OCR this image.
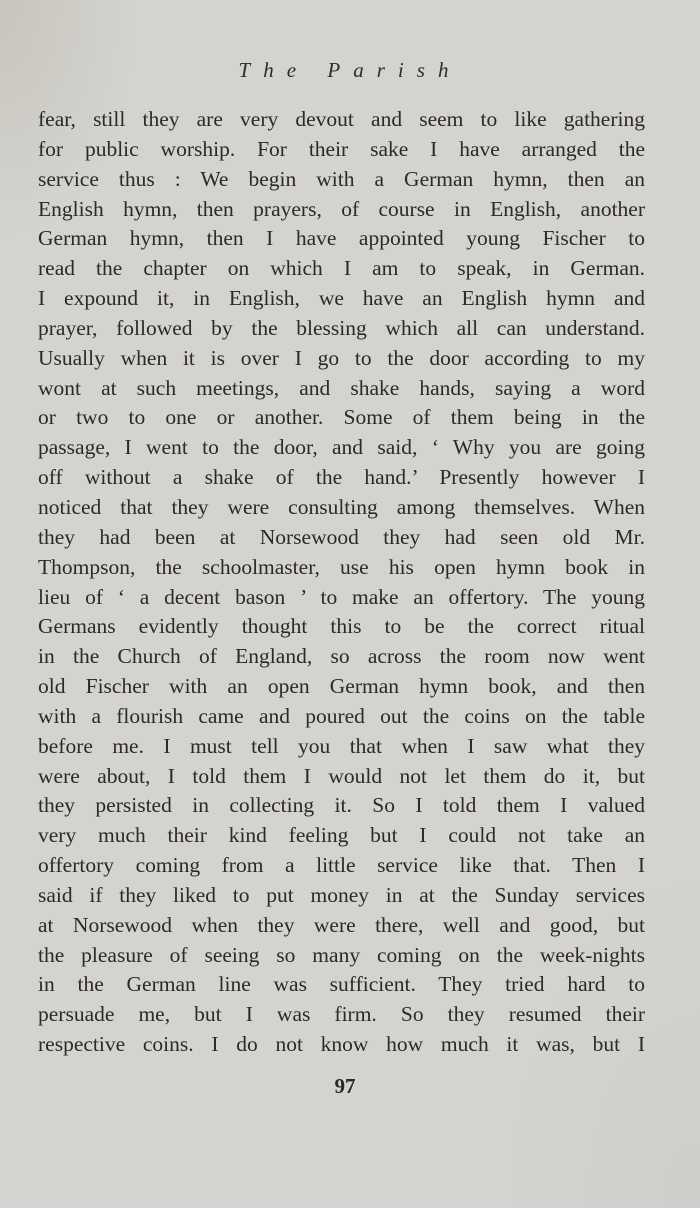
The Parish
fear, still they are very devout and seem to like gathering
for public worship. For their sake I have arranged the
service thus : We begin with a German hymn, then an
English hymn, then prayers, of course in English, another
German hymn, then I have appointed young Fischer to
read the chapter on which I am to speak, in German.
I expound it, in English, we have an English hymn and
prayer, followed by the blessing which all can understand.
Usually when it is over I go to the door according to my
wont at such meetings, and shake hands, saying a word
or two to one or another. Some of them being in the
passage, I went to the door, and said, ‘ Why you are going
off without a shake of the hand.’ Presently however I
noticed that they were consulting among themselves. When
they had been at Norsewood they had seen old Mr.
Thompson, the schoolmaster, use his open hymn book in
lieu of ‘ a decent bason ’ to make an offertory. The young
Germans evidently thought this to be the correct ritual
in the Church of England, so across the room now went
old Fischer with an open German hymn book, and then
with a flourish came and poured out the coins on the table
before me. I must tell you that when I saw what they
were about, I told them I would not let them do it, but
they persisted in collecting it. So I told them I valued
very much their kind feeling but I could not take an
offertory coming from a little service like that. Then I
said if they liked to put money in at the Sunday services
at Norsewood when they were there, well and good, but
the pleasure of seeing so many coming on the week-nights
in the German line was sufficient. They tried hard to
persuade me, but I was firm. So they resumed their
respective coins. I do not know how much it was, but I
97
